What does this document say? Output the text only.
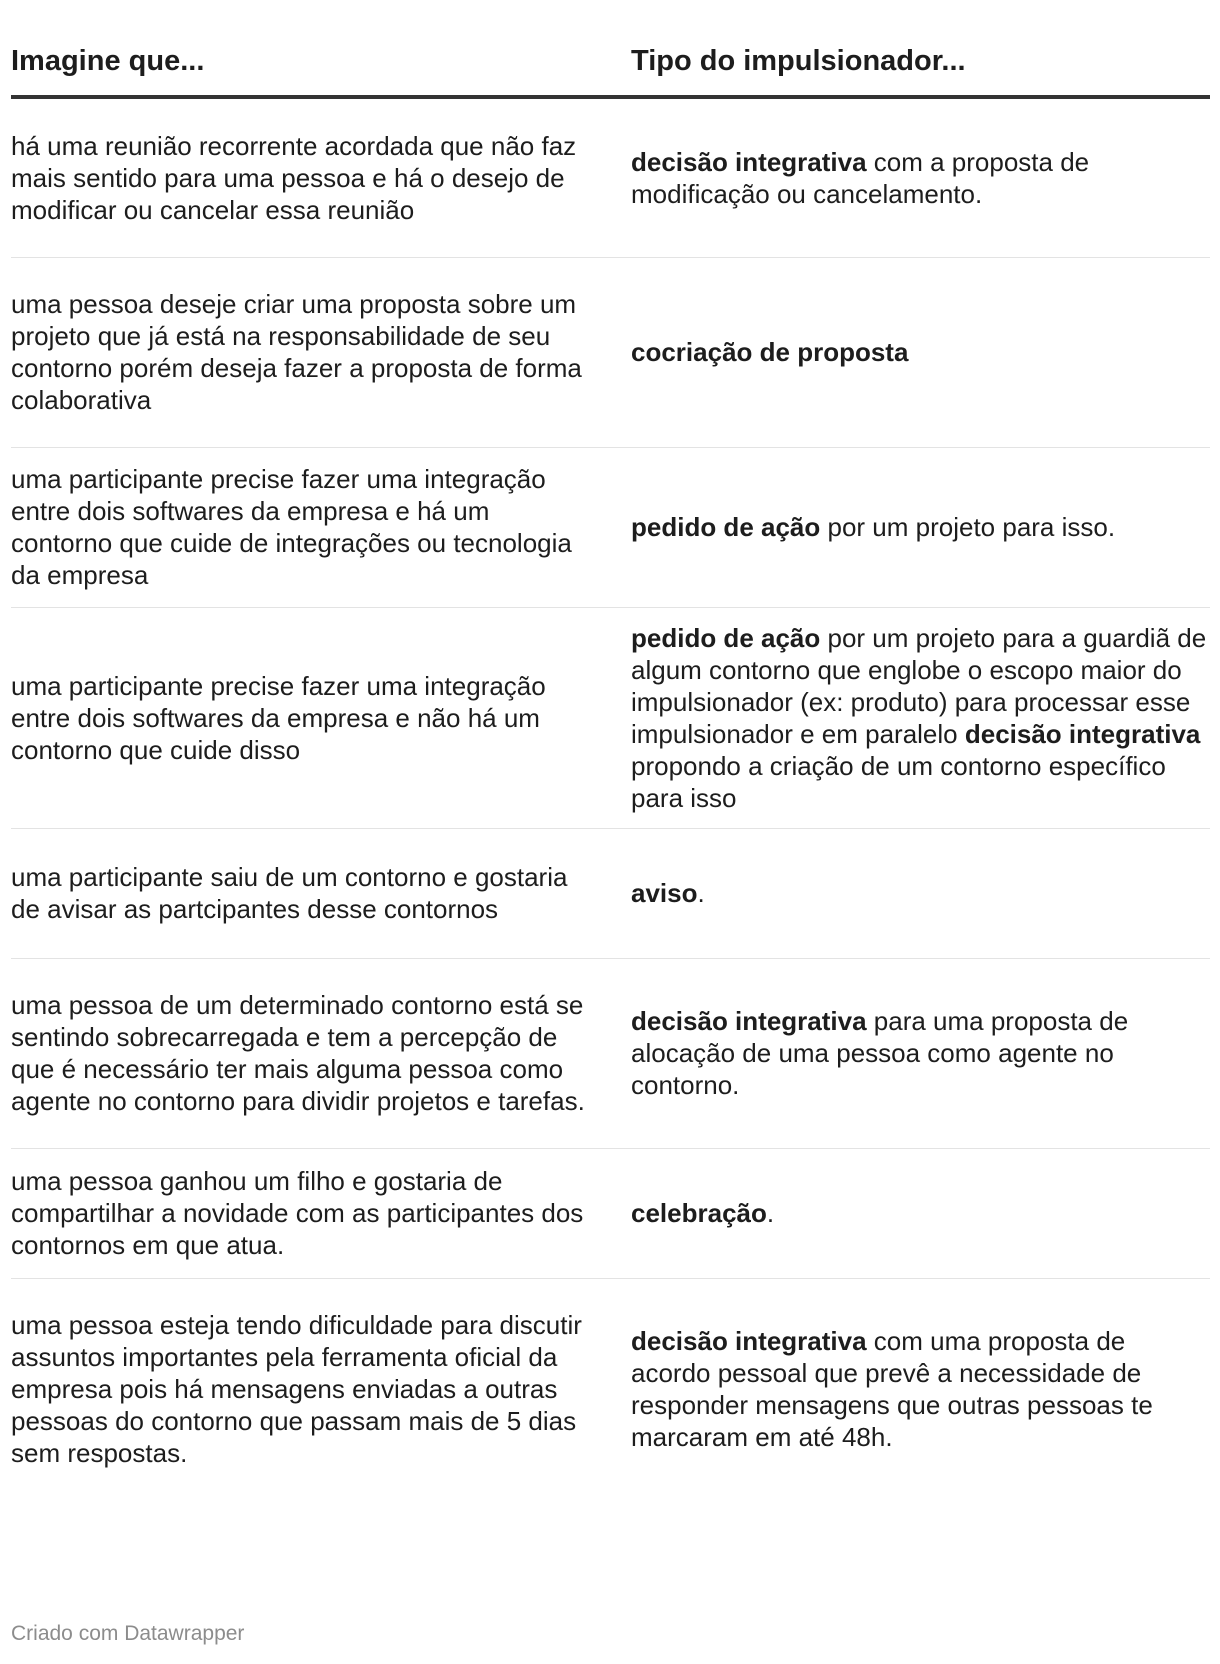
Imagine que...	Tipo do impulsionador...
há uma reunião recorrente acordada que não faz mais sentido para uma pessoa e há o desejo de modificar ou cancelar essa reunião	decisão integrativa com a proposta de modificação ou cancelamento.
uma pessoa deseje criar uma proposta sobre um projeto que já está na responsabilidade de seu contorno porém deseja fazer a proposta de forma colaborativa	cocriação de proposta
uma participante precise fazer uma integração entre dois softwares da empresa e há um contorno que cuide de integrações ou tecnologia da empresa	pedido de ação por um projeto para isso.
uma participante precise fazer uma integração entre dois softwares da empresa e não há um contorno que cuide disso	pedido de ação por um projeto para a guardiã de algum contorno que englobe o escopo maior do impulsionador (ex: produto) para processar esse impulsionador e em paralelo decisão integrativa propondo a criação de um contorno específico para isso
uma participante saiu de um contorno e gostaria de avisar as partcipantes desse contornos	aviso.
uma pessoa de um determinado contorno está se sentindo sobrecarregada e tem a percepção de que é necessário ter mais alguma pessoa como agente no contorno para dividir projetos e tarefas.	decisão integrativa para uma proposta de alocação de uma pessoa como agente no contorno.
uma pessoa ganhou um filho e gostaria de compartilhar a novidade com as participantes dos contornos em que atua.	celebração.
uma pessoa esteja tendo dificuldade para discutir assuntos importantes pela ferramenta oficial da empresa pois há mensagens enviadas a outras pessoas do contorno que passam mais de 5 dias sem respostas.	decisão integrativa com uma proposta de acordo pessoal que prevê a necessidade de responder mensagens que outras pessoas te marcaram em até 48h.
Criado com Datawrapper
